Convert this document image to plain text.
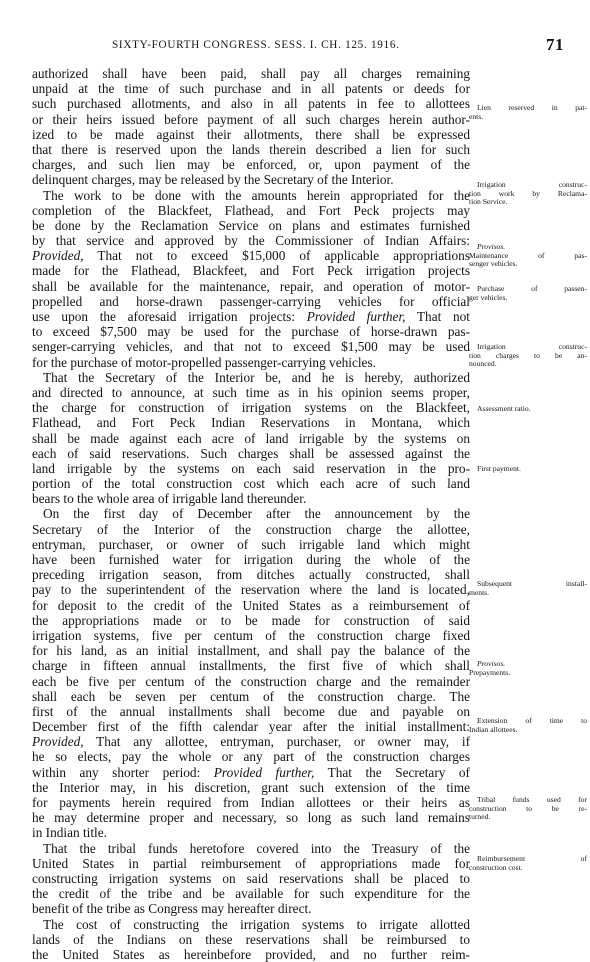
SIXTY-FOURTH CONGRESS. SESS. I. CH. 125. 1916.	71
authorized shall have been paid, shall pay all charges remaining
unpaid at the time of such purchase and in all patents or deeds for
such purchased allotments, and also in all patents in fee to allottees
or their heirs issued before payment of all such charges herein author-
ized to be made against their allotments, there shall be expressed
that there is reserved upon the lands therein described a lien for such
charges, and such lien may be enforced, or, upon payment of the
delinquent charges, may be released by the Secretary of the Interior.
The work to be done with the amounts herein appropriated for the
completion of the Blackfeet, Flathead, and Fort Peck projects may
be done by the Reclamation Service on plans and estimates furnished
by that service and approved by the Commissioner of Indian Affairs:
Provided, That not to exceed $15,000 of applicable appropriations
made for the Flathead, Blackfeet, and Fort Peck irrigation projects
shall be available for the maintenance, repair, and operation of motor-
propelled and horse-drawn passenger-carrying vehicles for official
use upon the aforesaid irrigation projects: Provided further, That not
to exceed $7,500 may be used for the purchase of horse-drawn pas-
senger-carrying vehicles, and that not to exceed $1,500 may be used
for the purchase of motor-propelled passenger-carrying vehicles.
That the Secretary of the Interior be, and he is hereby, authorized
and directed to announce, at such time as in his opinion seems proper,
the charge for construction of irrigation systems on the Blackfeet,
Flathead, and Fort Peck Indian Reservations in Montana, which
shall be made against each acre of land irrigable by the systems on
each of said reservations. Such charges shall be assessed against the
land irrigable by the systems on each said reservation in the pro-
portion of the total construction cost which each acre of such land
bears to the whole area of irrigable land thereunder.
On the first day of December after the announcement by the
Secretary of the Interior of the construction charge the allottee,
entryman, purchaser, or owner of such irrigable land which might
have been furnished water for irrigation during the whole of the
preceding irrigation season, from ditches actually constructed, shall
pay to the superintendent of the reservation where the land is located,
for deposit to the credit of the United States as a reimbursement of
the appropriations made or to be made for construction of said
irrigation systems, five per centum of the construction charge fixed
for his land, as an initial installment, and shall pay the balance of the
charge in fifteen annual installments, the first five of which shall
each be five per centum of the construction charge and the remainder
shall each be seven per centum of the construction charge. The
first of the annual installments shall become due and payable on
December first of the fifth calendar year after the initial installment:
Provided, That any allottee, entryman, purchaser, or owner may, if
he so elects, pay the whole or any part of the construction charges
within any shorter period: Provided further, That the Secretary of
the Interior may, in his discretion, grant such extension of the time
for payments herein required from Indian allottees or their heirs as
he may determine proper and necessary, so long as such land remains
in Indian title.
That the tribal funds heretofore covered into the Treasury of the
United States in partial reimbursement of appropriations made for
constructing irrigation systems on said reservations shall be placed to
the credit of the tribe and be available for such expenditure for the
benefit of the tribe as Congress may hereafter direct.
The cost of constructing the irrigation systems to irrigate allotted
lands of the Indians on these reservations shall be reimbursed to
the United States as hereinbefore provided, and no further reim-
Lien reserved in pat-
ents.
Irrigation construc-
tion work by Reclama-
tion Service.
Provisos.
Maintenance of pas-
senger vehicles.
Purchase of passen-
ger vehicles.
Irrigation construc-
tion charges to be an-
nounced.
Assessment ratio.
First payment.
Subsequent install-
ments.
Provisos.
Prepayments.
Extension of time to
Indian allottees.
Tribal funds used for
construction to be re-
turned.
Reimbursement of
construction cost.
